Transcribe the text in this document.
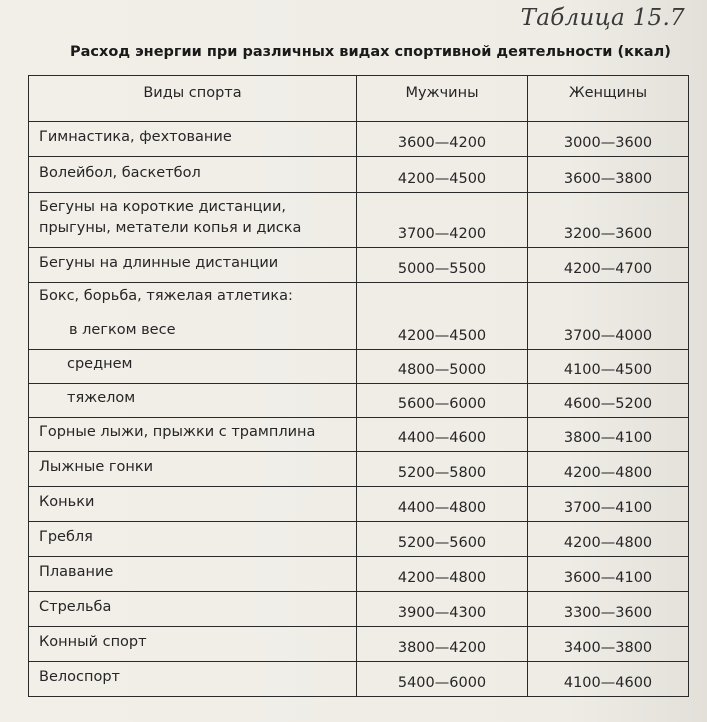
Таблица 15.7
Расход энергии при различных видах спортивной деятельности (ккал)
Виды спорта	Мужчины	Женщины
Гимнастика, фехтование	3600—4200	3000—3600
Волейбол, баскетбол	4200—4500	3600—3800
Бегуны на короткие дистанции, прыгуны, метатели копья и диска	3700—4200	3200—3600
Бегуны на длинные дистанции	5000—5500	4200—4700
Бокс, борьба, тяжелая атлетика:		
в легком весе	4200—4500	3700—4000
среднем	4800—5000	4100—4500
тяжелом	5600—6000	4600—5200
Горные лыжи, прыжки с трамплина	4400—4600	3800—4100
Лыжные гонки	5200—5800	4200—4800
Коньки	4400—4800	3700—4100
Гребля	5200—5600	4200—4800
Плавание	4200—4800	3600—4100
Стрельба	3900—4300	3300—3600
Конный спорт	3800—4200	3400—3800
Велоспорт	5400—6000	4100—4600
